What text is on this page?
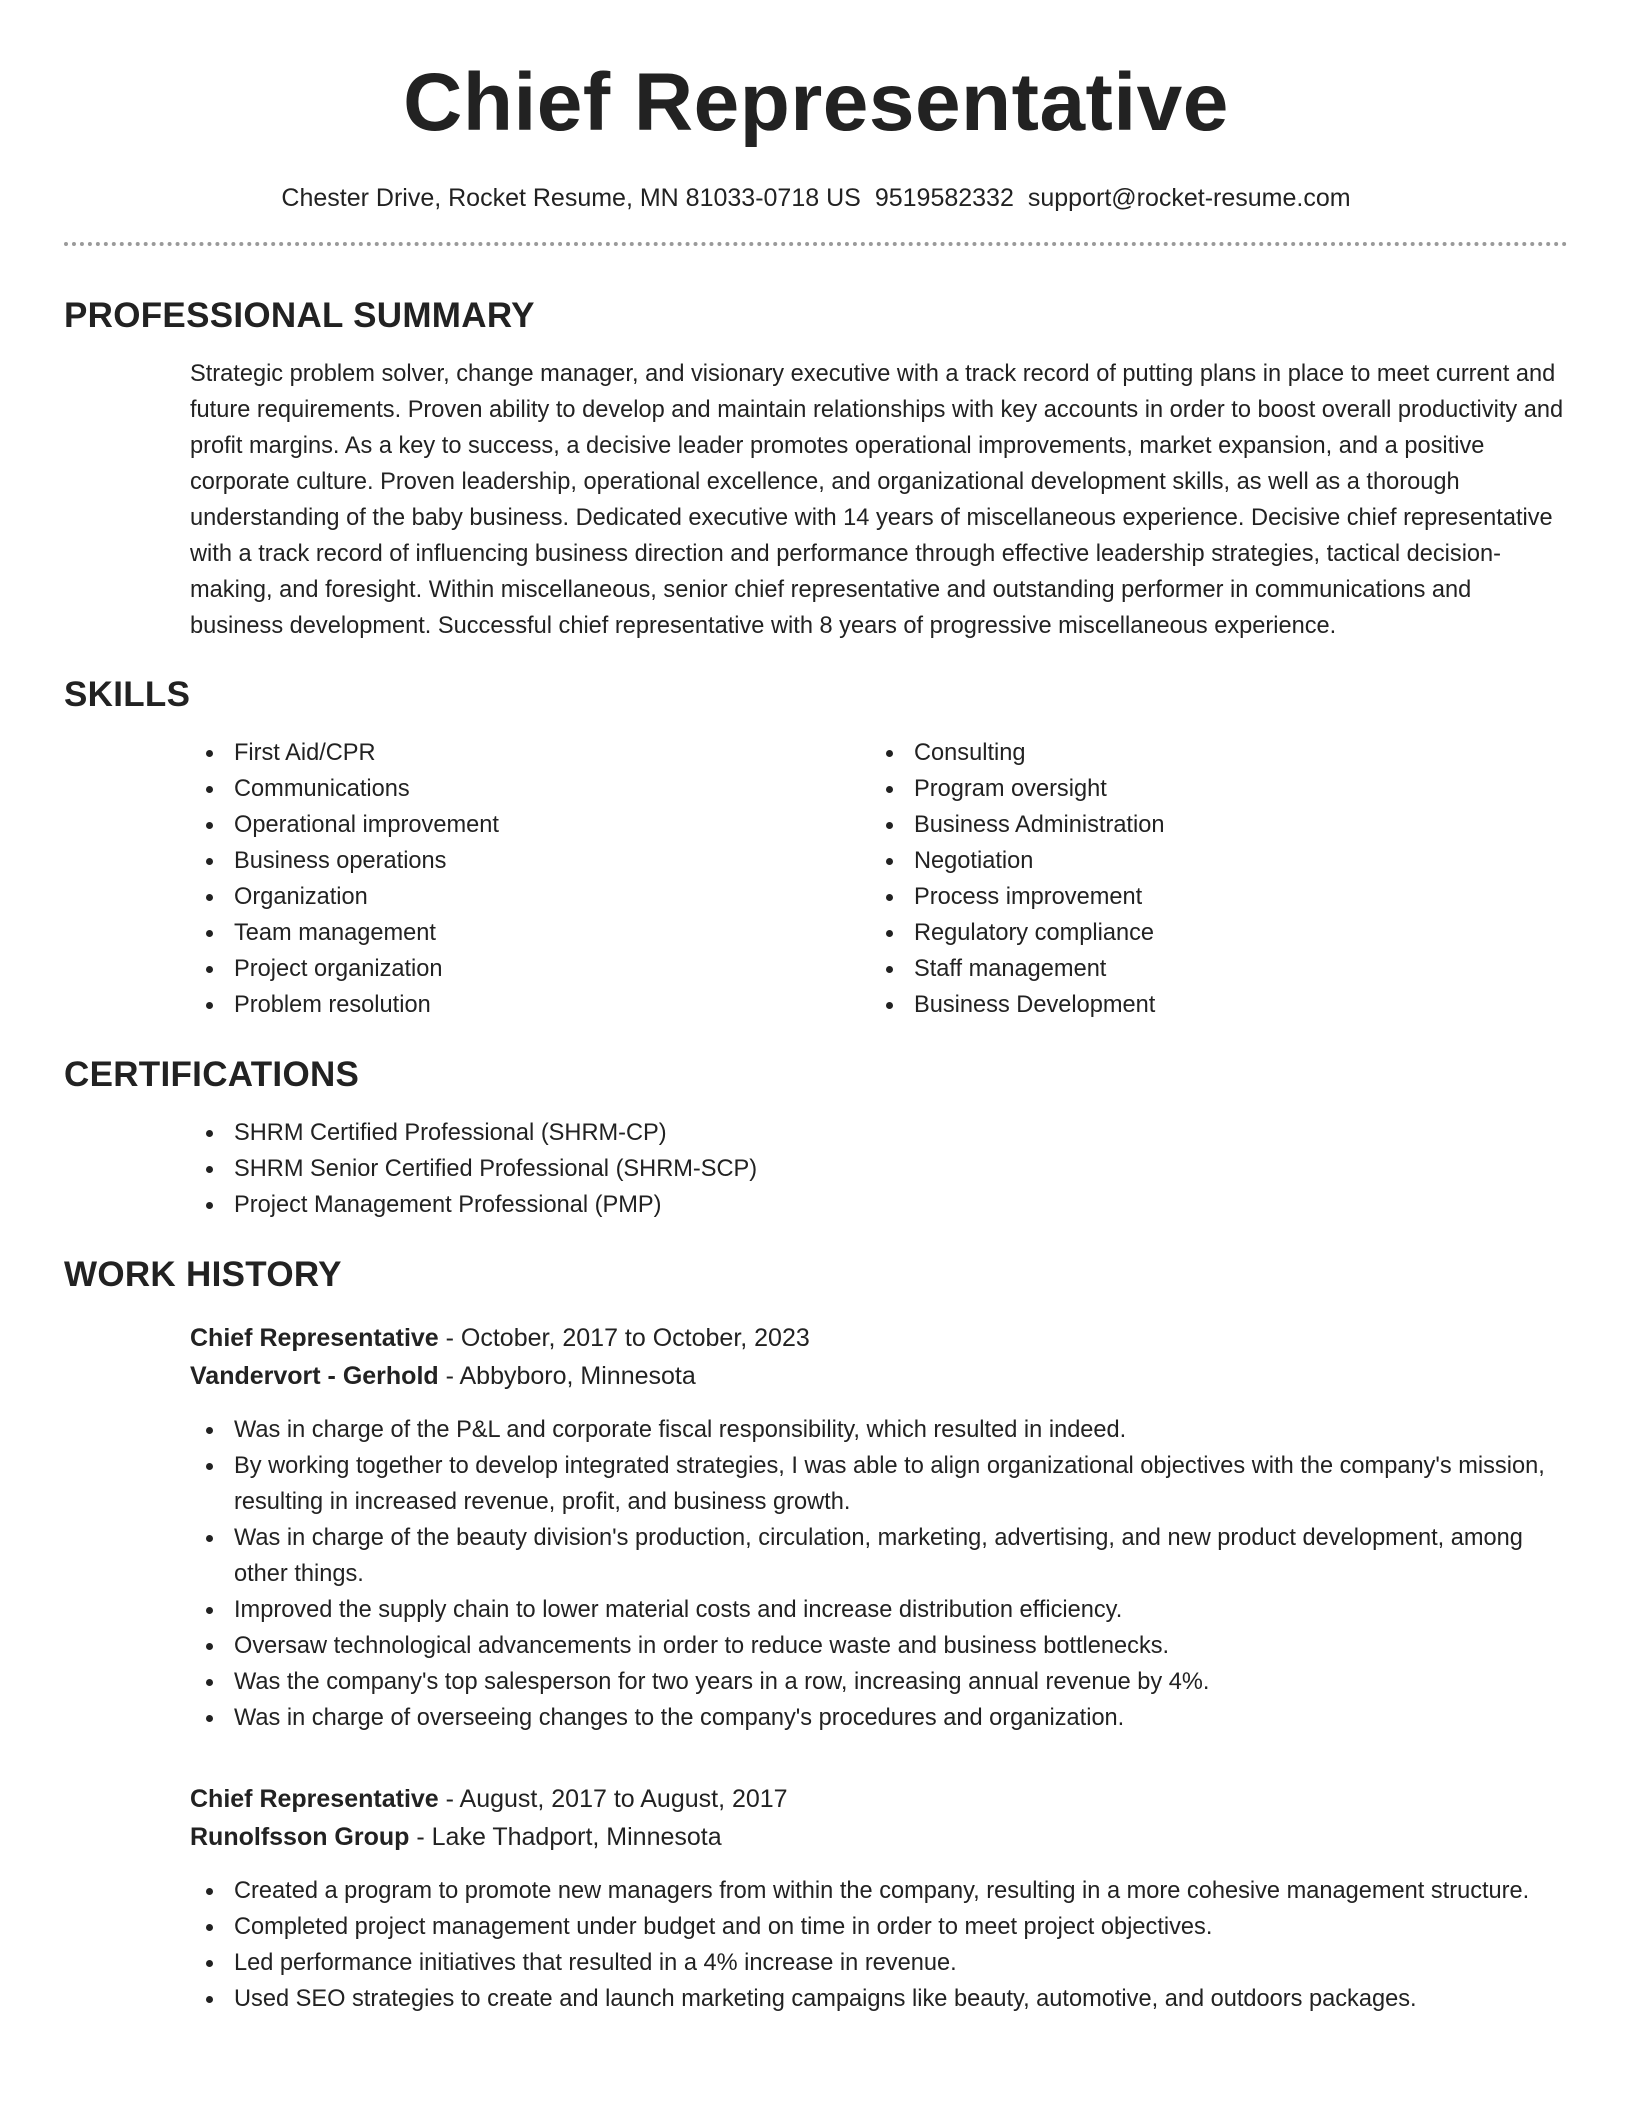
Chief Representative
Chester Drive, Rocket Resume, MN 81033-0718 US 9519582332 support@rocket-resume.com
PROFESSIONAL SUMMARY

Strategic problem solver, change manager, and visionary executive with a track record of putting plans in place to meet current and future requirements. Proven ability to develop and maintain relationships with key accounts in order to boost overall productivity and profit margins. As a key to success, a decisive leader promotes operational improvements, market expansion, and a positive corporate culture. Proven leadership, operational excellence, and organizational development skills, as well as a thorough understanding of the baby business. Dedicated executive with 14 years of miscellaneous experience. Decisive chief representative with a track record of influencing business direction and performance through effective leadership strategies, tactical decision-making, and foresight. Within miscellaneous, senior chief representative and outstanding performer in communications and business development. Successful chief representative with 8 years of progressive miscellaneous experience.

SKILLS
First Aid/CPR
Communications
Operational improvement
Business operations
Organization
Team management
Project organization
Problem resolution
Consulting
Program oversight
Business Administration
Negotiation
Process improvement
Regulatory compliance
Staff management
Business Development
CERTIFICATIONS
SHRM Certified Professional (SHRM-CP)
SHRM Senior Certified Professional (SHRM-SCP)
Project Management Professional (PMP)
WORK HISTORY
Chief Representative - October, 2017 to October, 2023
Vandervort - Gerhold - Abbyboro, Minnesota
Was in charge of the P&L and corporate fiscal responsibility, which resulted in indeed.
By working together to develop integrated strategies, I was able to align organizational objectives with the company's mission, resulting in increased revenue, profit, and business growth.
Was in charge of the beauty division's production, circulation, marketing, advertising, and new product development, among other things.
Improved the supply chain to lower material costs and increase distribution efficiency.
Oversaw technological advancements in order to reduce waste and business bottlenecks.
Was the company's top salesperson for two years in a row, increasing annual revenue by 4%.
Was in charge of overseeing changes to the company's procedures and organization.
Chief Representative - August, 2017 to August, 2017
Runolfsson Group - Lake Thadport, Minnesota
Created a program to promote new managers from within the company, resulting in a more cohesive management structure.
Completed project management under budget and on time in order to meet project objectives.
Led performance initiatives that resulted in a 4% increase in revenue.
Used SEO strategies to create and launch marketing campaigns like beauty, automotive, and outdoors packages.
